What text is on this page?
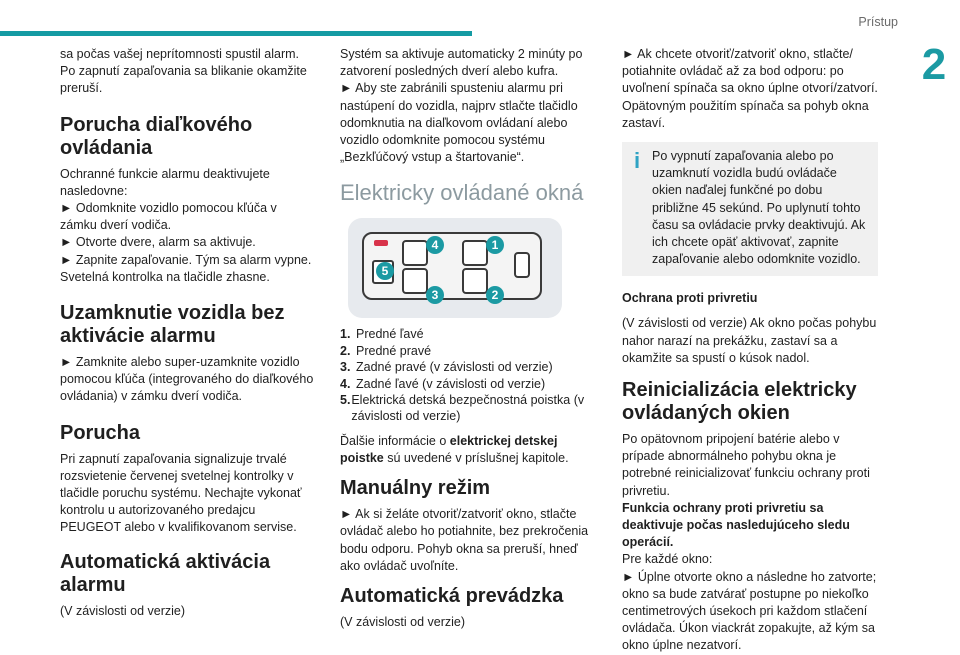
Prístup
2

sa počas vašej neprítomnosti spustil alarm. Po zapnutí zapaľovania sa blikanie okamžite preruší.

Porucha diaľkového ovládania

Ochranné funkcie alarmu deaktivujete nasledovne:

► Odomknite vozidlo pomocou kľúča v zámku dverí vodiča.

► Otvorte dvere, alarm sa aktivuje.

► Zapnite zapaľovanie. Tým sa alarm vypne. Svetelná kontrolka na tlačidle zhasne.

Uzamknutie vozidla bez aktivácie alarmu

► Zamknite alebo super-uzamknite vozidlo pomocou kľúča (integrovaného do diaľkového ovládania) v zámku dverí vodiča.

Porucha

Pri zapnutí zapaľovania signalizuje trvalé rozsvietenie červenej svetelnej kontrolky v tlačidle poruchu systému. Nechajte vykonať kontrolu u autorizovaného predajcu PEUGEOT alebo v kvalifikovanom servise.

Automatická aktivácia alarmu

(V závislosti od verzie)

Systém sa aktivuje automaticky 2 minúty po zatvorení posledných dverí alebo kufra.

► Aby ste zabránili spusteniu alarmu pri nastúpení do vozidla, najprv stlačte tlačidlo odomknutia na diaľkovom ovládaní alebo vozidlo odomknite pomocou systému „Bezkľúčový vstup a štartovanie“.

Elektricky ovládané okná
4	1
5
3	2
1. Predné ľavé
2. Predné pravé
3. Zadné pravé (v závislosti od verzie)
4. Zadné ľavé (v závislosti od verzie)
5. Elektrická detská bezpečnostná poistka (v závislosti od verzie)

Ďalšie informácie o elektrickej detskej poistke sú uvedené v príslušnej kapitole.

Manuálny režim

► Ak si želáte otvoriť/zatvoriť okno, stlačte ovládač alebo ho potiahnite, bez prekročenia bodu odporu. Pohyb okna sa preruší, hneď ako ovládač uvoľníte.

Automatická prevádzka

(V závislosti od verzie)

► Ak chcete otvoriť/zatvoriť okno, stlačte/ potiahnite ovládač až za bod odporu: po uvoľnení spínača sa okno úplne otvorí/zatvorí. Opätovným použitím spínača sa pohyb okna zastaví.

i Po vypnutí zapaľovania alebo po uzamknutí vozidla budú ovládače okien naďalej funkčné po dobu približne 45 sekúnd. Po uplynutí tohto času sa ovládacie prvky deaktivujú. Ak ich chcete opäť aktivovať, zapnite zapaľovanie alebo odomknite vozidlo.
Ochrana proti privretiu

(V závislosti od verzie) Ak okno počas pohybu nahor narazí na prekážku, zastaví sa a okamžite sa spustí o kúsok nadol.

Reinicializácia elektricky ovládaných okien

Po opätovnom pripojení batérie alebo v prípade abnormálneho pohybu okna je potrebné reinicializovať funkciu ochrany proti privretiu.

Funkcia ochrany proti privretiu sa deaktivuje počas nasledujúceho sledu operácií.

Pre každé okno:

► Úplne otvorte okno a následne ho zatvorte; okno sa bude zatvárať postupne po niekoľko centimetrových úsekoch pri každom stlačení ovládača. Úkon viackrát zopakujte, až kým sa okno úplne nezatvorí.
